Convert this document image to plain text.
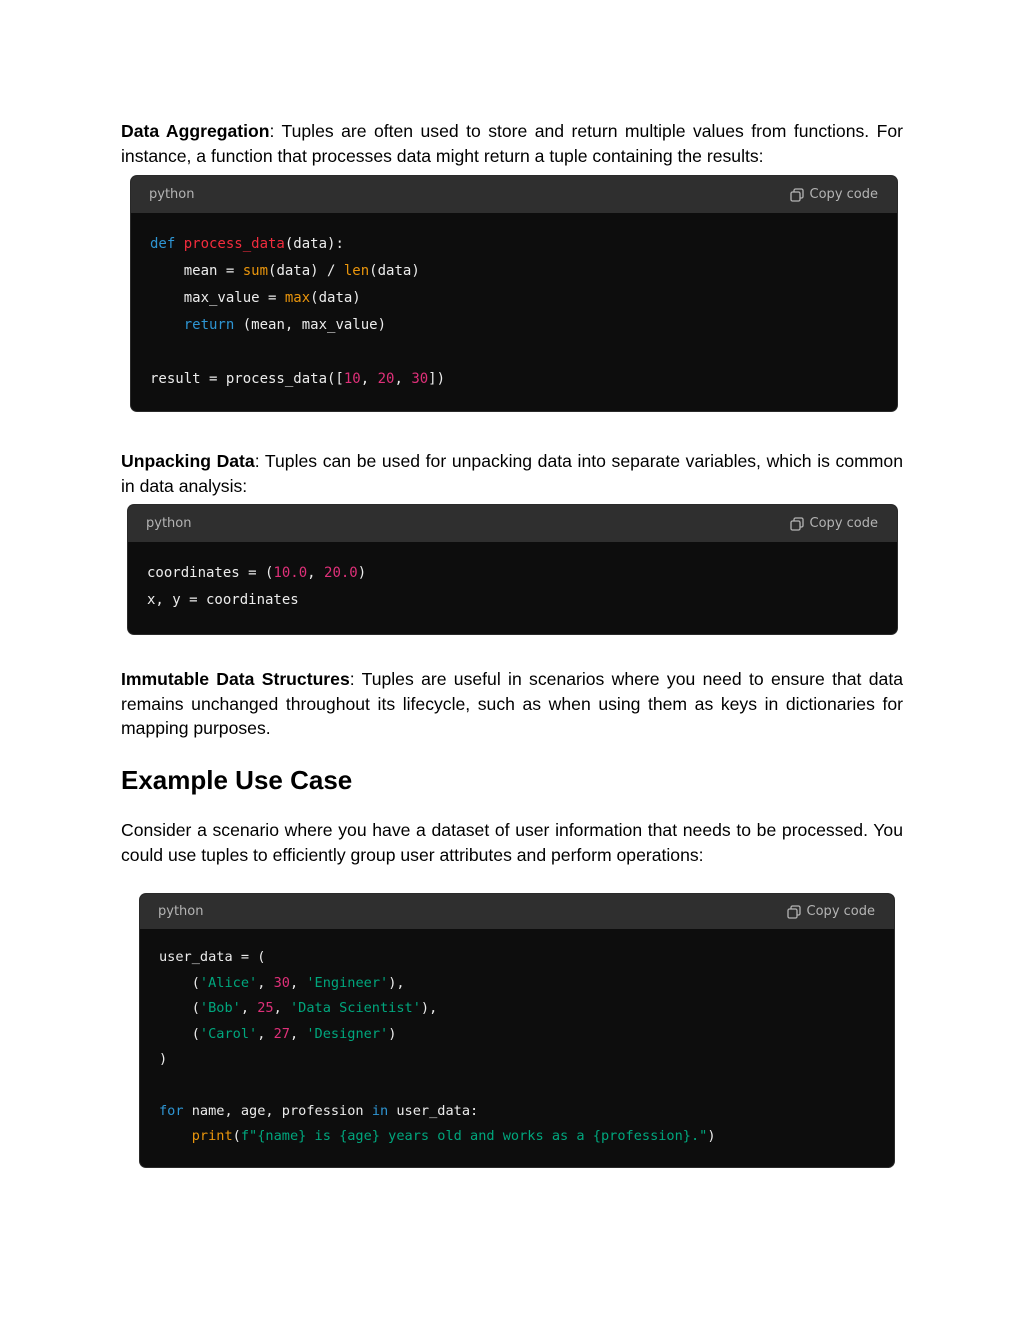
Data Aggregation: Tuples are often used to store and return multiple values from functions. For instance, a function that processes data might return a tuple containing the results:

python	Copy code
def process_data(data):
mean = sum(data) / len(data)
max_value = max(data)
return (mean, max_value)
result = process_data([10, 20, 30])

Unpacking Data: Tuples can be used for unpacking data into separate variables, which is common in data analysis:

python	Copy code
coordinates = (10.0, 20.0)
x, y = coordinates

Immutable Data Structures: Tuples are useful in scenarios where you need to ensure that data remains unchanged throughout its lifecycle, such as when using them as keys in dictionaries for mapping purposes.

Example Use Case

Consider a scenario where you have a dataset of user information that needs to be processed. You could use tuples to efficiently group user attributes and perform operations:

python	Copy code
user_data = (
('Alice', 30, 'Engineer'),
('Bob', 25, 'Data Scientist'),
('Carol', 27, 'Designer')
)
for name, age, profession in user_data:
print(f"{name} is {age} years old and works as a {profession}.")
